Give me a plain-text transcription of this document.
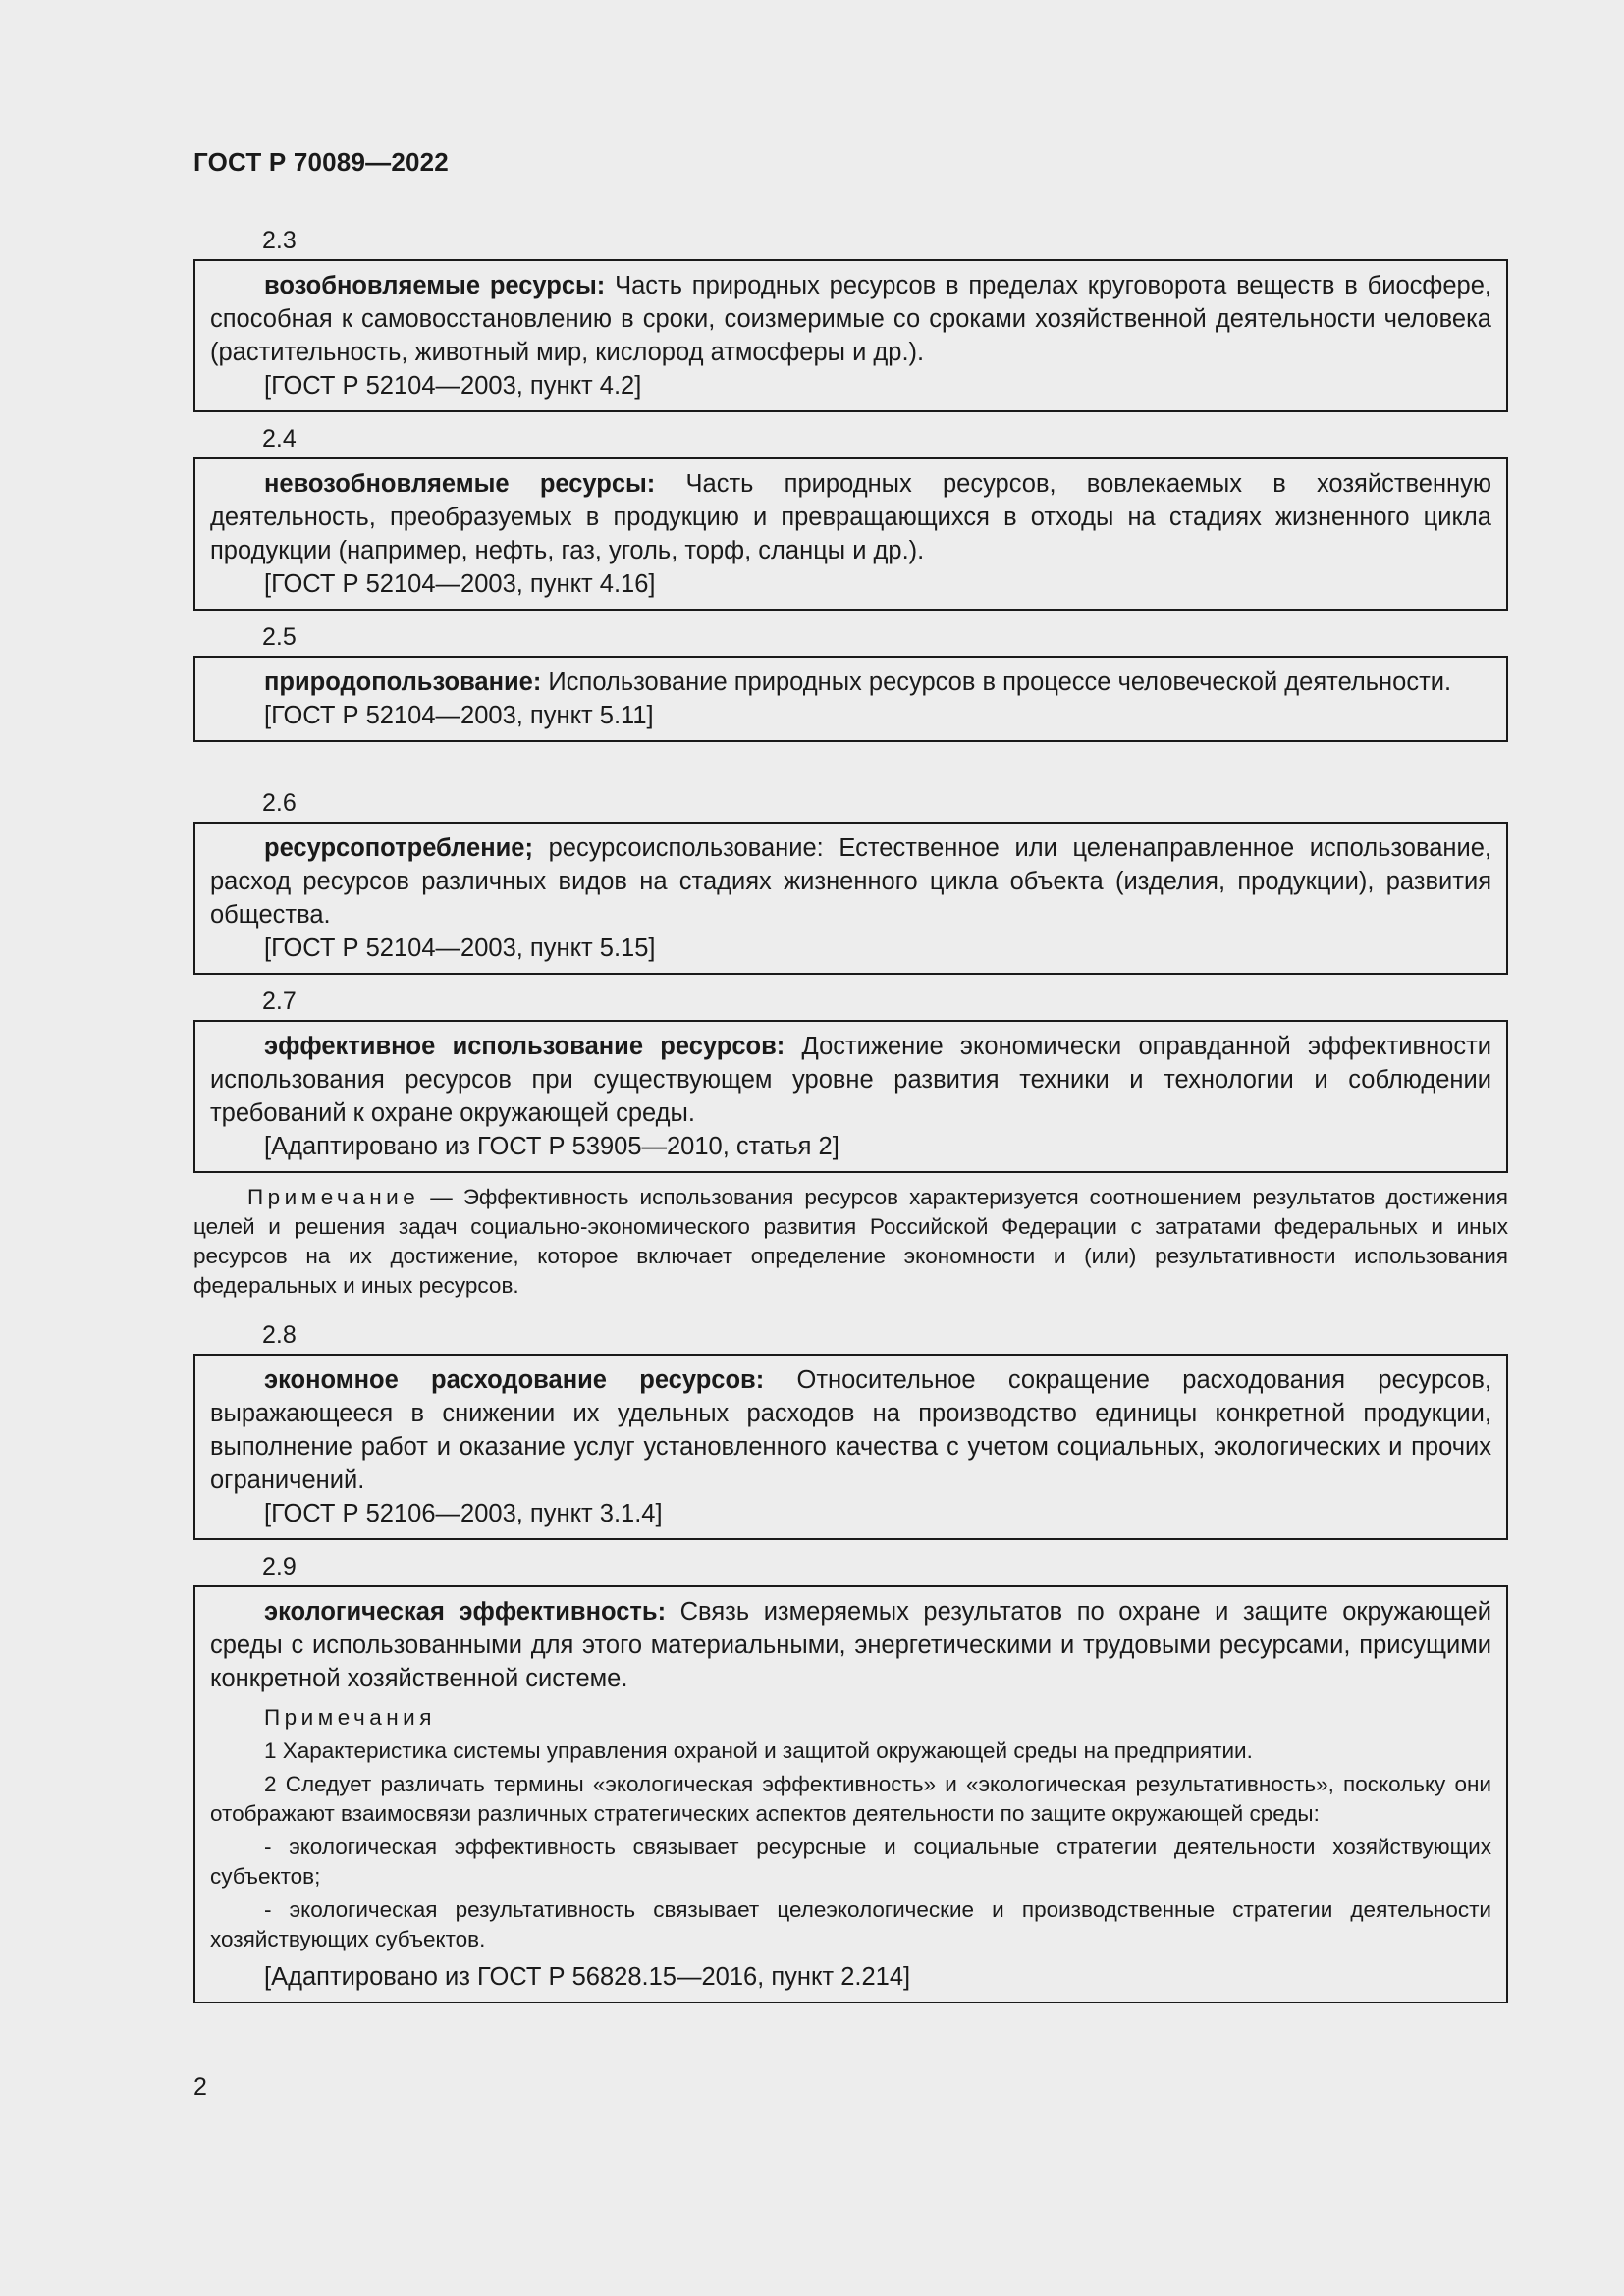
ГОСТ Р 70089—2022
2.3

возобновляемые ресурсы: Часть природных ресурсов в пределах круговорота веществ в биосфере, способная к самовосстановлению в сроки, соизмеримые со сроками хозяйственной деятельности человека (растительность, животный мир, кислород атмосферы и др.).

[ГОСТ Р 52104—2003, пункт 4.2]

2.4

невозобновляемые ресурсы: Часть природных ресурсов, вовлекаемых в хозяйственную деятельность, преобразуемых в продукцию и превращающихся в отходы на стадиях жизненного цикла продукции (например, нефть, газ, уголь, торф, сланцы и др.).

[ГОСТ Р 52104—2003, пункт 4.16]

2.5

природопользование: Использование природных ресурсов в процессе человеческой деятельности.

[ГОСТ Р 52104—2003, пункт 5.11]

2.6

ресурсопотребление; ресурсоиспользование: Естественное или целенаправленное использование, расход ресурсов различных видов на стадиях жизненного цикла объекта (изделия, продукции), развития общества.

[ГОСТ Р 52104—2003, пункт 5.15]

2.7

эффективное использование ресурсов: Достижение экономически оправданной эффективности использования ресурсов при существующем уровне развития техники и технологии и соблюдении требований к охране окружающей среды.

[Адаптировано из ГОСТ Р 53905—2010, статья 2]

Примечание — Эффективность использования ресурсов характеризуется соотношением результатов достижения целей и решения задач социально-экономического развития Российской Федерации с затратами федеральных и иных ресурсов на их достижение, которое включает определение экономности и (или) результативности использования федеральных и иных ресурсов.

2.8

экономное расходование ресурсов: Относительное сокращение расходования ресурсов, выражающееся в снижении их удельных расходов на производство единицы конкретной продукции, выполнение работ и оказание услуг установленного качества с учетом социальных, экологических и прочих ограничений.

[ГОСТ Р 52106—2003, пункт 3.1.4]

2.9

экологическая эффективность: Связь измеряемых результатов по охране и защите окружающей среды с использованными для этого материальными, энергетическими и трудовыми ресурсами, присущими конкретной хозяйственной системе.

Примечания

1 Характеристика системы управления охраной и защитой окружающей среды на предприятии.

2 Следует различать термины «экологическая эффективность» и «экологическая результативность», поскольку они отображают взаимосвязи различных стратегических аспектов деятельности по защите окружающей среды:

- экологическая эффективность связывает ресурсные и социальные стратегии деятельности хозяйствующих субъектов;

- экологическая результативность связывает целеэкологические и производственные стратегии деятельности хозяйствующих субъектов.

[Адаптировано из ГОСТ Р 56828.15—2016, пункт 2.214]

2
